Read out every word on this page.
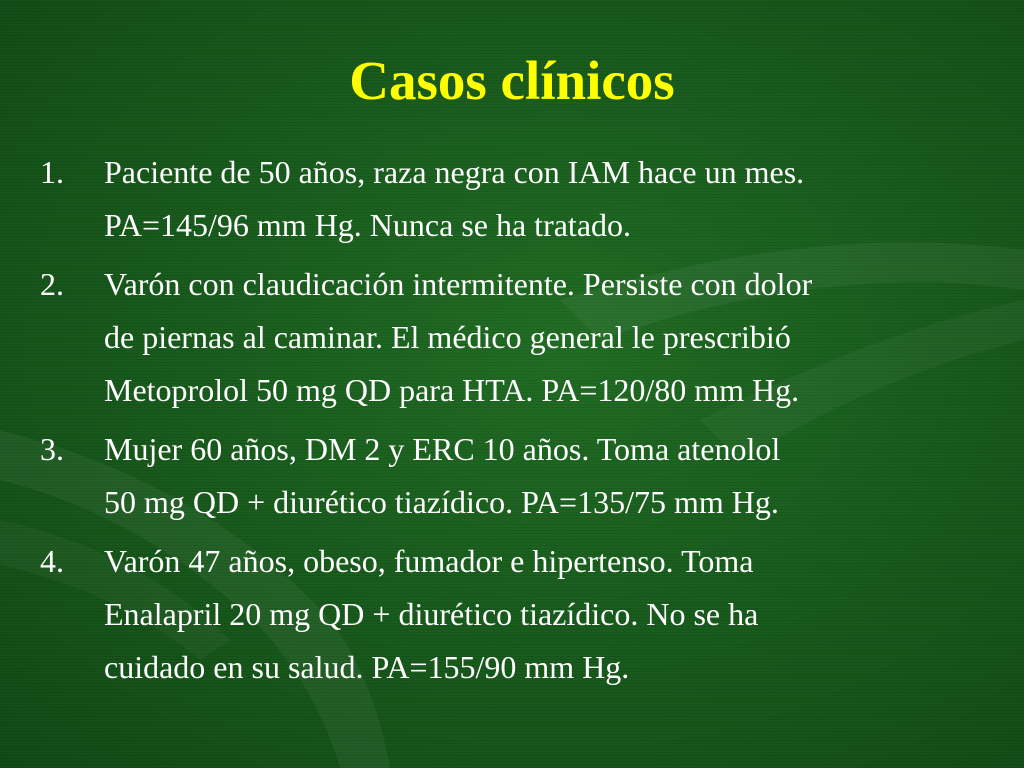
Casos clínicos
1. Paciente de 50 años, raza negra con IAM hace un mes.
PA=145/96 mm Hg. Nunca se ha tratado.
2. Varón con claudicación intermitente. Persiste con dolor
de piernas al caminar. El médico general le prescribió
Metoprolol 50 mg QD para HTA. PA=120/80 mm Hg.
3. Mujer 60 años, DM 2 y ERC 10 años. Toma atenolol
50 mg QD + diurético tiazídico. PA=135/75 mm Hg.
4. Varón 47 años, obeso, fumador e hipertenso. Toma
Enalapril 20 mg QD + diurético tiazídico. No se ha
cuidado en su salud. PA=155/90 mm Hg.
